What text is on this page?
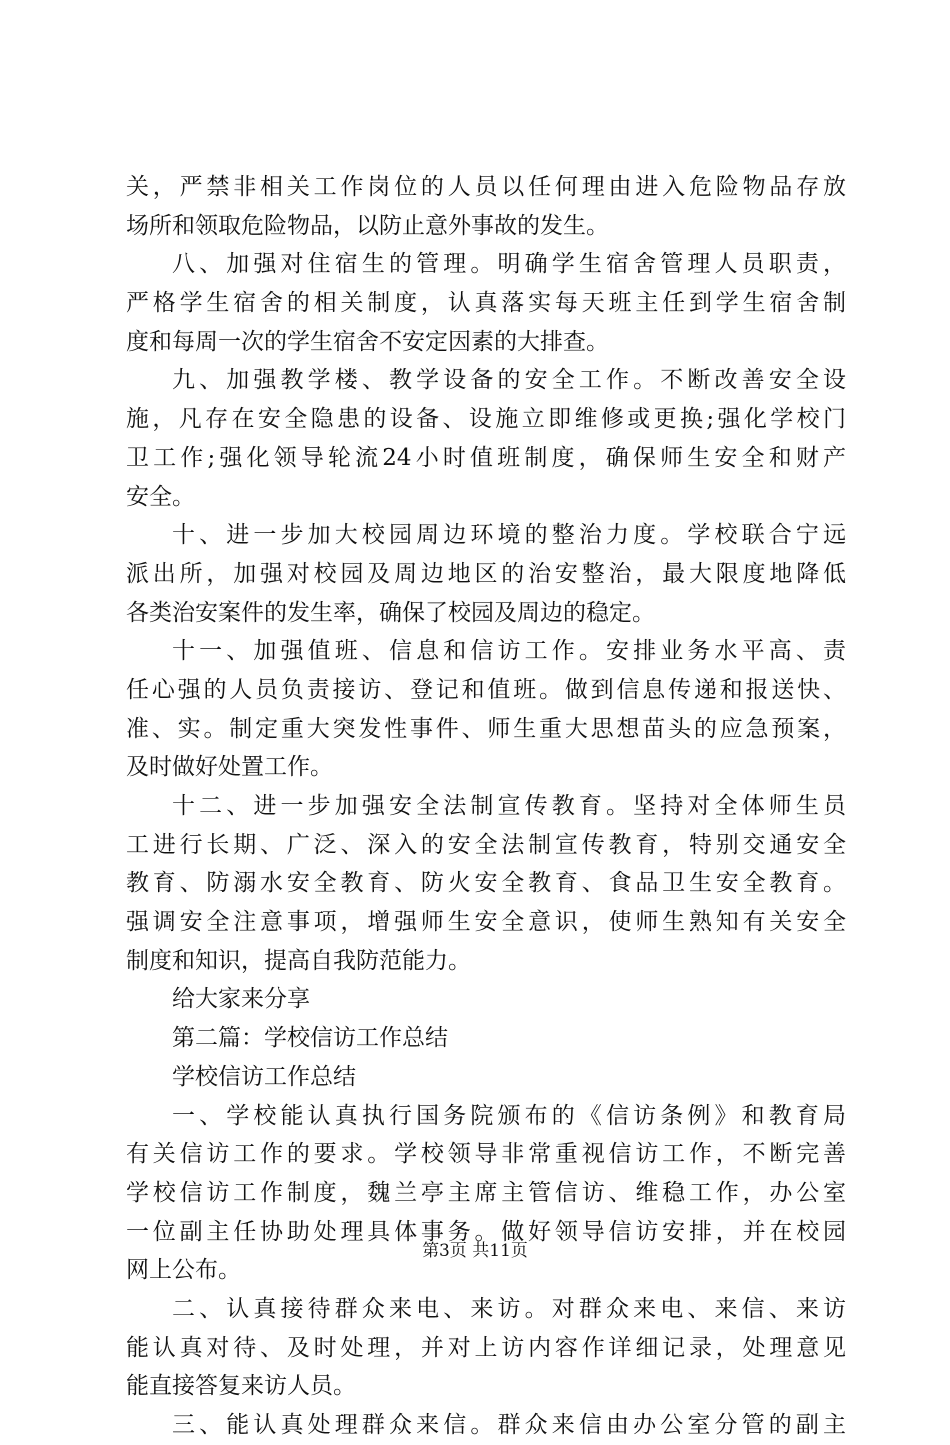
关，严禁非相关工作岗位的人员以任何理由进入危险物品存放
场所和领取危险物品，以防止意外事故的发生。
八、加强对住宿生的管理。明确学生宿舍管理人员职责，
严格学生宿舍的相关制度，认真落实每天班主任到学生宿舍制
度和每周一次的学生宿舍不安定因素的大排查。
九、加强教学楼、教学设备的安全工作。不断改善安全设
施，凡存在安全隐患的设备、设施立即维修或更换;强化学校门
卫工作;强化领导轮流24小时值班制度，确保师生安全和财产
安全。
十、进一步加大校园周边环境的整治力度。学校联合宁远
派出所，加强对校园及周边地区的治安整治，最大限度地降低
各类治安案件的发生率，确保了校园及周边的稳定。
十一、加强值班、信息和信访工作。安排业务水平高、责
任心强的人员负责接访、登记和值班。做到信息传递和报送快、
准、实。制定重大突发性事件、师生重大思想苗头的应急预案，
及时做好处置工作。
十二、进一步加强安全法制宣传教育。坚持对全体师生员
工进行长期、广泛、深入的安全法制宣传教育，特别交通安全
教育、防溺水安全教育、防火安全教育、食品卫生安全教育。
强调安全注意事项，增强师生安全意识，使师生熟知有关安全
制度和知识，提高自我防范能力。
给大家来分享
第二篇：学校信访工作总结
学校信访工作总结
一、学校能认真执行国务院颁布的《信访条例》和教育局
有关信访工作的要求。学校领导非常重视信访工作，不断完善
学校信访工作制度，魏兰亭主席主管信访、维稳工作，办公室
一位副主任协助处理具体事务。做好领导信访安排，并在校园
网上公布。
二、认真接待群众来电、来访。对群众来电、来信、来访
能认真对待、及时处理，并对上访内容作详细记录，处理意见
能直接答复来访人员。
三、能认真处理群众来信。群众来信由办公室分管的副主
第3页 共11页
